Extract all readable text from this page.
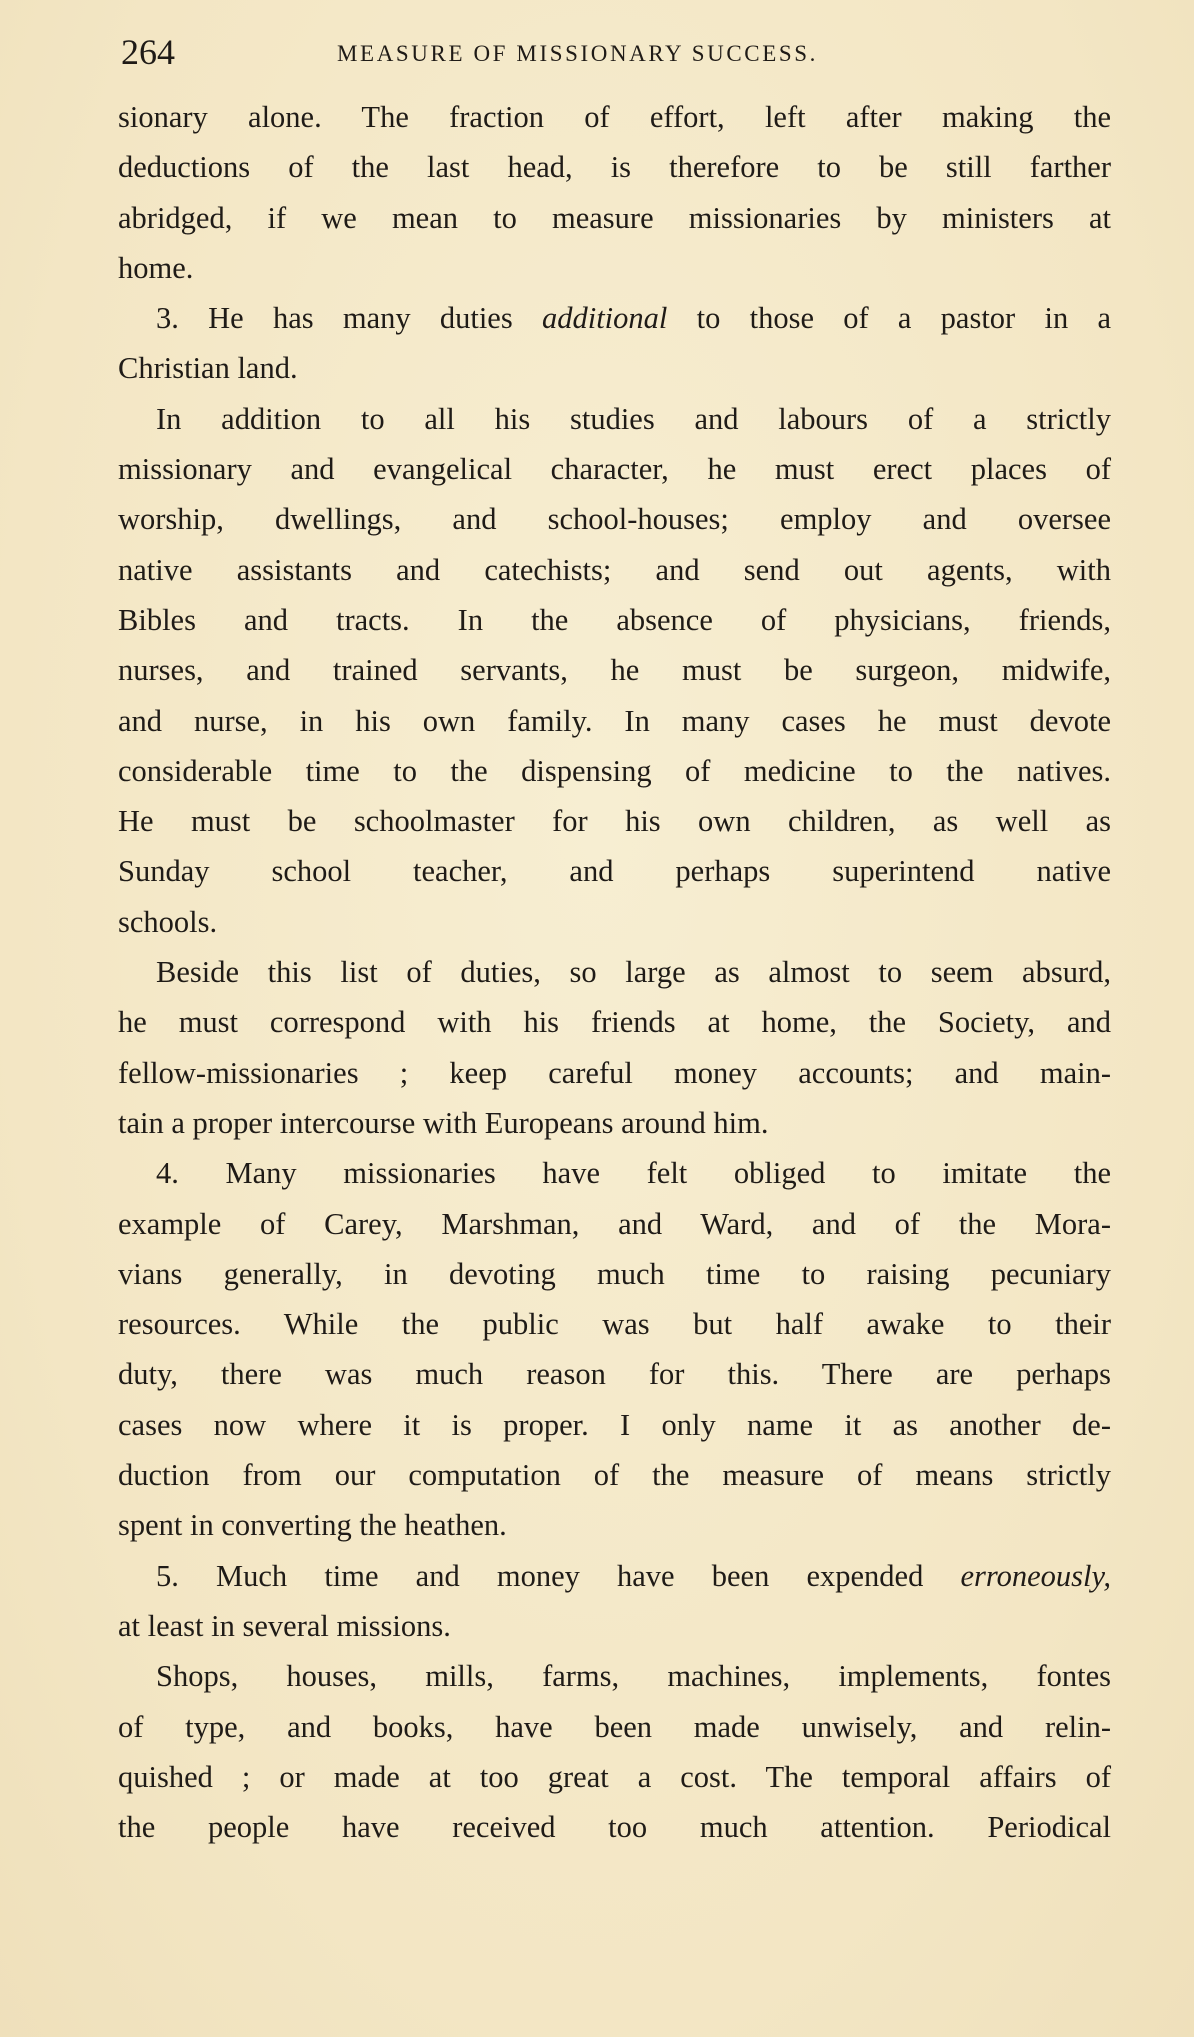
264	MEASURE OF MISSIONARY SUCCESS.
sionary alone. The fraction of effort, left after making the
deductions of the last head, is therefore to be still farther
abridged, if we mean to measure missionaries by ministers at
home.
3. He has many duties additional to those of a pastor in a
Christian land.
In addition to all his studies and labours of a strictly
missionary and evangelical character, he must erect places of
worship, dwellings, and school-houses; employ and oversee
native assistants and catechists; and send out agents, with
Bibles and tracts. In the absence of physicians, friends,
nurses, and trained servants, he must be surgeon, midwife,
and nurse, in his own family. In many cases he must devote
considerable time to the dispensing of medicine to the natives.
He must be schoolmaster for his own children, as well as
Sunday school teacher, and perhaps superintend native
schools.
Beside this list of duties, so large as almost to seem absurd,
he must correspond with his friends at home, the Society, and
fellow-missionaries ; keep careful money accounts; and main-
tain a proper intercourse with Europeans around him.
4. Many missionaries have felt obliged to imitate the
example of Carey, Marshman, and Ward, and of the Mora-
vians generally, in devoting much time to raising pecuniary
resources. While the public was but half awake to their
duty, there was much reason for this. There are perhaps
cases now where it is proper. I only name it as another de-
duction from our computation of the measure of means strictly
spent in converting the heathen.
5. Much time and money have been expended erroneously,
at least in several missions.
Shops, houses, mills, farms, machines, implements, fontes
of type, and books, have been made unwisely, and relin-
quished ; or made at too great a cost. The temporal affairs of
the people have received too much attention. Periodical
